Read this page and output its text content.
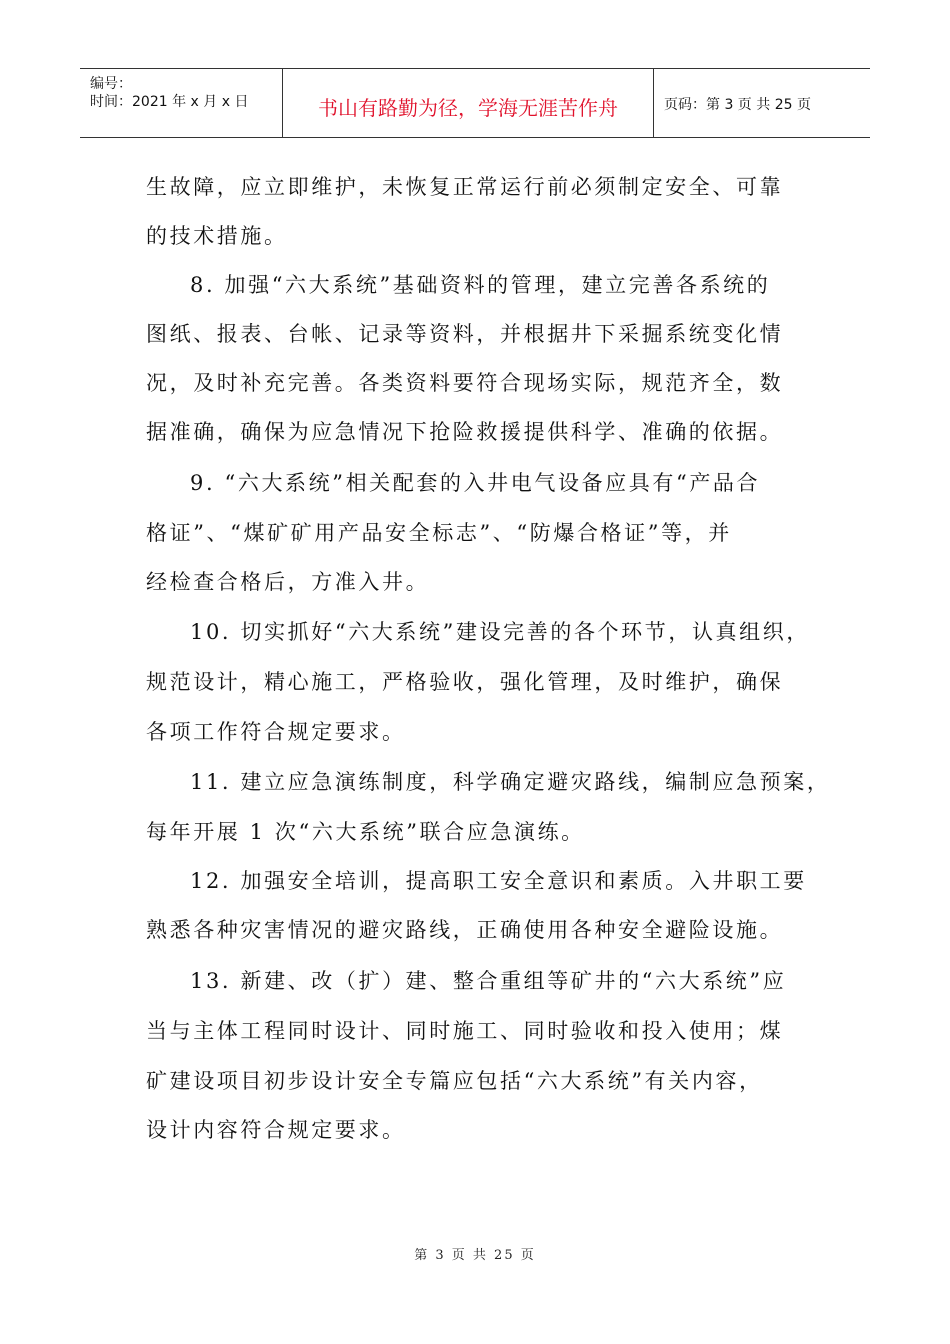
编号：
时间：2021 年 x 月 x 日	书山有路勤为径，学海无涯苦作舟	页码：第 3 页 共 25 页
生故障，应立即维护，未恢复正常运行前必须制定安全、可靠
的技术措施。
8. 加强“六大系统”基础资料的管理，建立完善各系统的
图纸、报表、台帐、记录等资料，并根据井下采掘系统变化情
况，及时补充完善。各类资料要符合现场实际，规范齐全，数
据准确，确保为应急情况下抢险救援提供科学、准确的依据。
9. “六大系统”相关配套的入井电气设备应具有“产品合
格证”、“煤矿矿用产品安全标志”、“防爆合格证”等，并
经检查合格后，方准入井。
10. 切实抓好“六大系统”建设完善的各个环节，认真组织，
规范设计，精心施工，严格验收，强化管理，及时维护，确保
各项工作符合规定要求。
11. 建立应急演练制度，科学确定避灾路线，编制应急预案，
每年开展 1 次“六大系统”联合应急演练。
12. 加强安全培训，提高职工安全意识和素质。入井职工要
熟悉各种灾害情况的避灾路线，正确使用各种安全避险设施。
13. 新建、改（扩）建、整合重组等矿井的“六大系统”应
当与主体工程同时设计、同时施工、同时验收和投入使用；煤
矿建设项目初步设计安全专篇应包括“六大系统”有关内容，
设计内容符合规定要求。
第 3 页 共 25 页
